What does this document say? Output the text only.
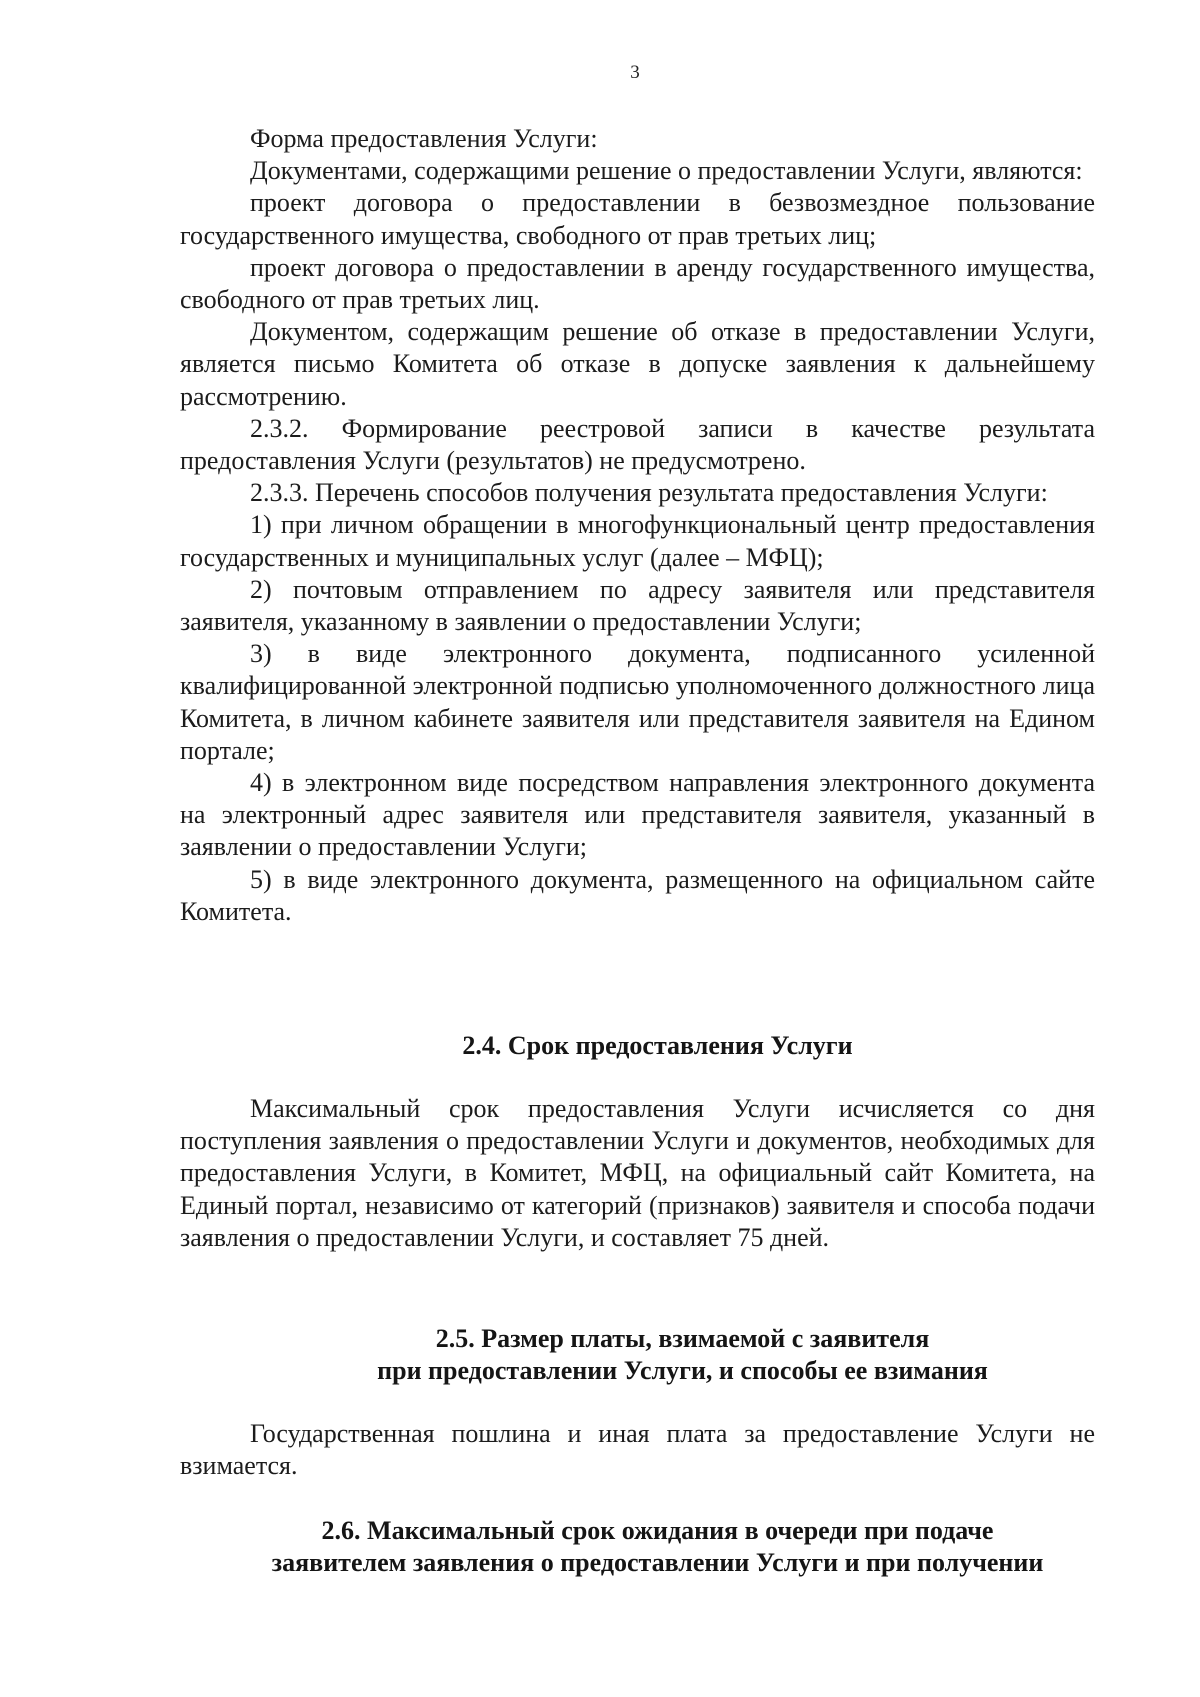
3

Форма предоставления Услуги:

Документами, содержащими решение о предоставлении Услуги, являются:

проект договора о предоставлении в безвозмездное пользование государственного имущества, свободного от прав третьих лиц;

проект договора о предоставлении в аренду государственного имущества, свободного от прав третьих лиц.

Документом, содержащим решение об отказе в предоставлении Услуги, является письмо Комитета об отказе в допуске заявления к дальнейшему рассмотрению.

2.3.2. Формирование реестровой записи в качестве результата предоставления Услуги (результатов) не предусмотрено.

2.3.3. Перечень способов получения результата предоставления Услуги:

1) при личном обращении в многофункциональный центр предоставления государственных и муниципальных услуг (далее – МФЦ);

2) почтовым отправлением по адресу заявителя или представителя заявителя, указанному в заявлении о предоставлении Услуги;

3) в виде электронного документа, подписанного усиленной квалифицированной электронной подписью уполномоченного должностного лица Комитета, в личном кабинете заявителя или представителя заявителя на Едином портале;

4) в электронном виде посредством направления электронного документа на электронный адрес заявителя или представителя заявителя, указанный в заявлении о предоставлении Услуги;

5) в виде электронного документа, размещенного на официальном сайте Комитета.

2.4. Срок предоставления Услуги

Максимальный срок предоставления Услуги исчисляется со дня поступления заявления о предоставлении Услуги и документов, необходимых для предоставления Услуги, в Комитет, МФЦ, на официальный сайт Комитета, на Единый портал, независимо от категорий (признаков) заявителя и способа подачи заявления о предоставлении Услуги, и составляет 75 дней.

2.5. Размер платы, взимаемой с заявителя
при предоставлении Услуги, и способы ее взимания

Государственная пошлина и иная плата за предоставление Услуги не взимается.

2.6. Максимальный срок ожидания в очереди при подаче
заявителем заявления о предоставлении Услуги и при получении
